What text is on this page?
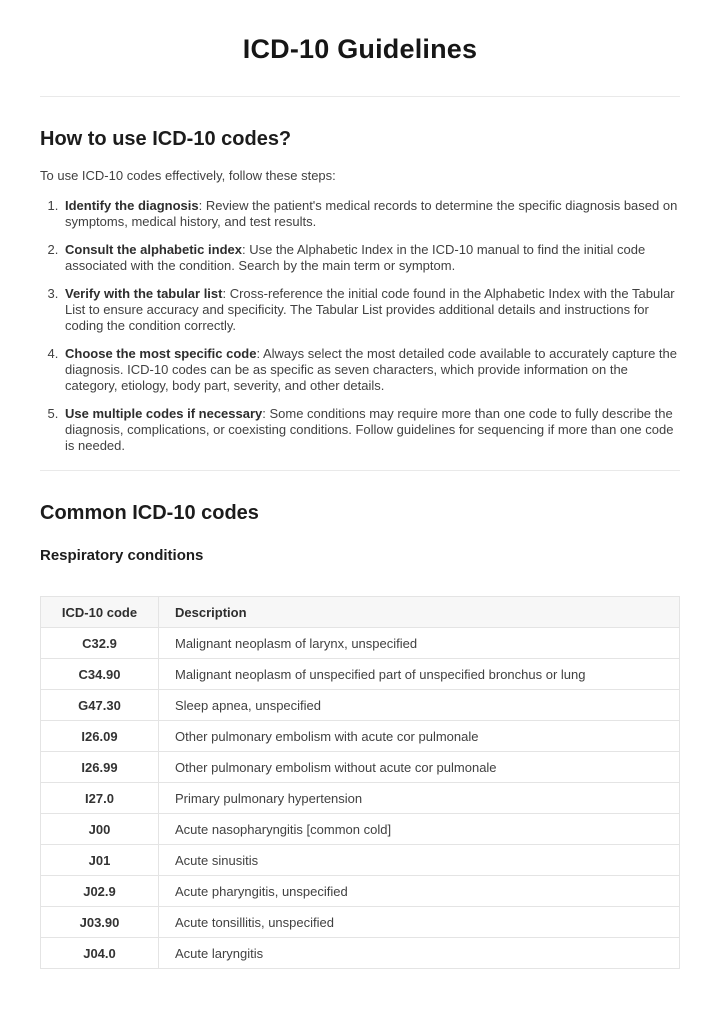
ICD-10 Guidelines
How to use ICD-10 codes?

To use ICD-10 codes effectively, follow these steps:

1. Identify the diagnosis: Review the patient's medical records to determine the specific diagnosis based on symptoms, medical history, and test results.
2. Consult the alphabetic index: Use the Alphabetic Index in the ICD-10 manual to find the initial code associated with the condition. Search by the main term or symptom.
3. Verify with the tabular list: Cross-reference the initial code found in the Alphabetic Index with the Tabular List to ensure accuracy and specificity. The Tabular List provides additional details and instructions for coding the condition correctly.
4. Choose the most specific code: Always select the most detailed code available to accurately capture the diagnosis. ICD-10 codes can be as specific as seven characters, which provide information on the category, etiology, body part, severity, and other details.
5. Use multiple codes if necessary: Some conditions may require more than one code to fully describe the diagnosis, complications, or coexisting conditions. Follow guidelines for sequencing if more than one code is needed.
Common ICD-10 codes
Respiratory conditions
ICD-10 code	Description
C32.9	Malignant neoplasm of larynx, unspecified
C34.90	Malignant neoplasm of unspecified part of unspecified bronchus or lung
G47.30	Sleep apnea, unspecified
I26.09	Other pulmonary embolism with acute cor pulmonale
I26.99	Other pulmonary embolism without acute cor pulmonale
I27.0	Primary pulmonary hypertension
J00	Acute nasopharyngitis [common cold]
J01	Acute sinusitis
J02.9	Acute pharyngitis, unspecified
J03.90	Acute tonsillitis, unspecified
J04.0	Acute laryngitis
